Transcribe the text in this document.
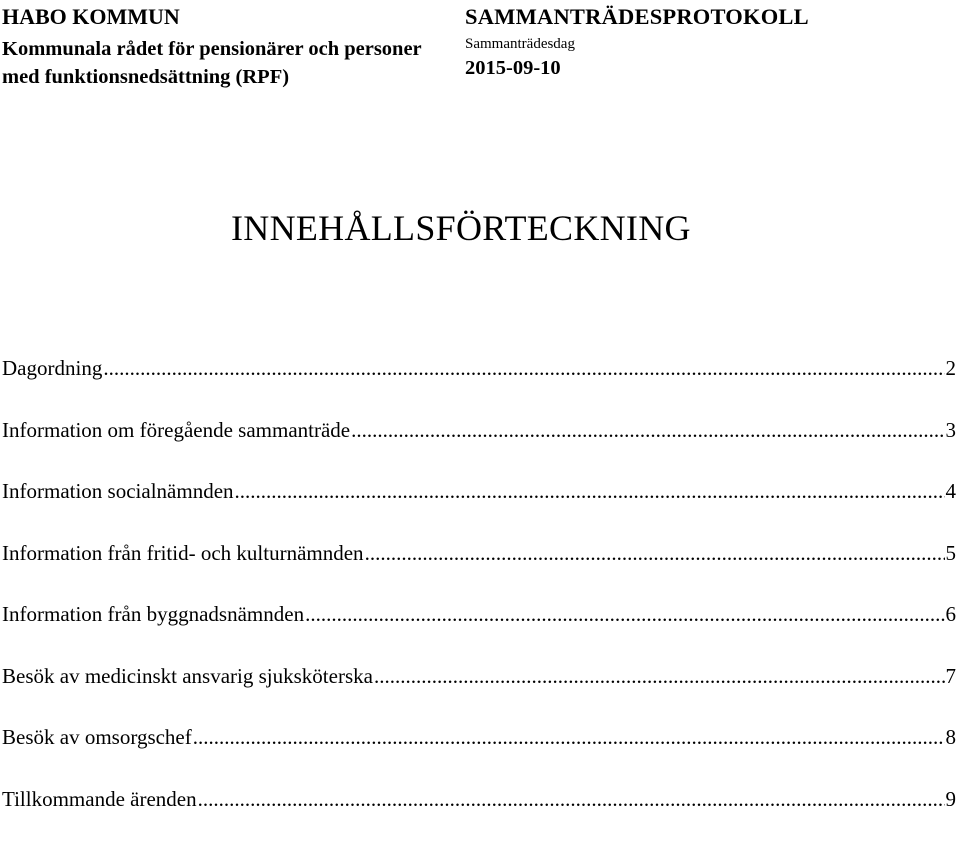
HABO KOMMUN
Kommunala rådet för pensionärer och personer med funktionsnedsättning (RPF)
SAMMANTRÄDESPROTOKOLL
Sammanträdesdag
2015-09-10
INNEHÅLLSFÖRTECKNING
Dagordning .....	2
Information om föregående sammanträde .....	3
Information socialnämnden .....	4
Information från fritid- och kulturnämnden .....	5
Information från byggnadsnämnden .....	6
Besök av medicinskt ansvarig sjuksköterska .....	7
Besök av omsorgschef .....	8
Tillkommande ärenden .....	9
